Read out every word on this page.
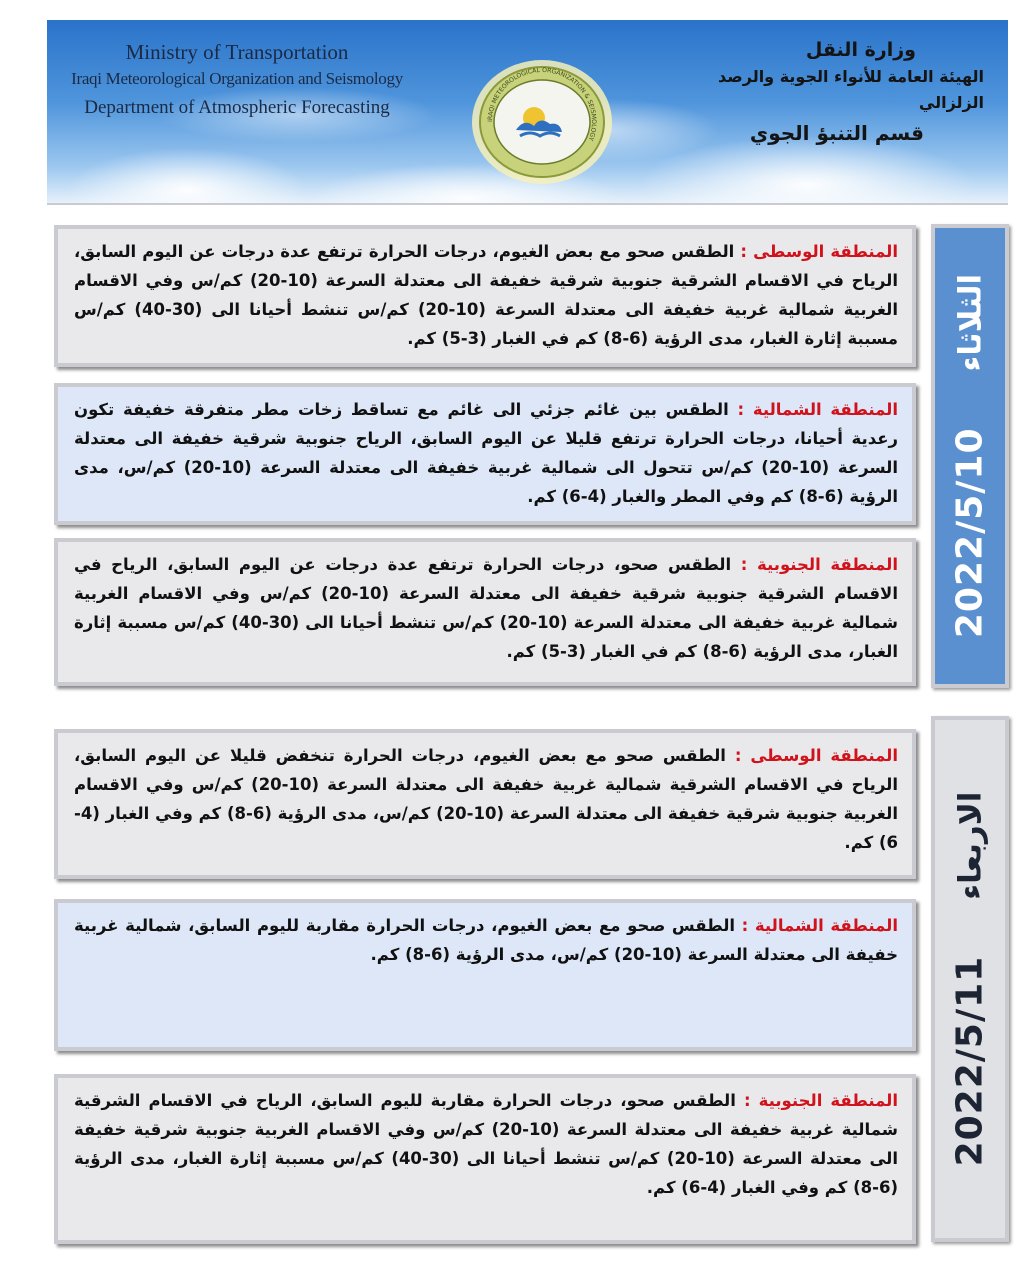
Ministry of Transportation
Iraqi Meteorological Organization and Seismology
Department of Atmospheric Forecasting
IRAQI METEOROLOGICAL ORGANIZATION & SEISMOLOGY
وزارة النقل
الهيئة العامة للأنواء الجوية والرصد الزلزالي
قسم التنبؤ الجوي
2022/5/10
الثلاثاء
المنطقة الوسطى : الطقس صحو مع بعض الغيوم، درجات الحرارة ترتفع عدة درجات عن اليوم السابق، الرياح في الاقسام الشرقية جنوبية شرقية خفيفة الى معتدلة السرعة (10-20) كم/س وفي الاقسام الغربية شمالية غربية خفيفة الى معتدلة السرعة (10-20) كم/س تنشط أحيانا الى (30-40) كم/س مسببة إثارة الغبار، مدى الرؤية (6-8) كم في الغبار (3-5) كم.
المنطقة الشمالية : الطقس بين غائم جزئي الى غائم مع تساقط زخات مطر متفرقة خفيفة تكون رعدية أحيانا، درجات الحرارة ترتفع قليلا عن اليوم السابق، الرياح جنوبية شرقية خفيفة الى معتدلة السرعة (10-20) كم/س تتحول الى شمالية غربية خفيفة الى معتدلة السرعة (10-20) كم/س، مدى الرؤية (6-8) كم وفي المطر والغبار (4-6) كم.
المنطقة الجنوبية : الطقس صحو، درجات الحرارة ترتفع عدة درجات عن اليوم السابق، الرياح في الاقسام الشرقية جنوبية شرقية خفيفة الى معتدلة السرعة (10-20) كم/س وفي الاقسام الغربية شمالية غربية خفيفة الى معتدلة السرعة (10-20) كم/س تنشط أحيانا الى (30-40) كم/س مسببة إثارة الغبار، مدى الرؤية (6-8) كم في الغبار (3-5) كم.
2022/5/11
الاربعاء
المنطقة الوسطى : الطقس صحو مع بعض الغيوم، درجات الحرارة تنخفض قليلا عن اليوم السابق، الرياح في الاقسام الشرقية شمالية غربية خفيفة الى معتدلة السرعة (10-20) كم/س وفي الاقسام الغربية جنوبية شرقية خفيفة الى معتدلة السرعة (10-20) كم/س، مدى الرؤية (6-8) كم وفي الغبار (4-6) كم.
المنطقة الشمالية : الطقس صحو مع بعض الغيوم، درجات الحرارة مقاربة لليوم السابق، شمالية غربية خفيفة الى معتدلة السرعة (10-20) كم/س، مدى الرؤية (6-8) كم.
المنطقة الجنوبية : الطقس صحو، درجات الحرارة مقاربة لليوم السابق، الرياح في الاقسام الشرقية شمالية غربية خفيفة الى معتدلة السرعة (10-20) كم/س وفي الاقسام الغربية جنوبية شرقية خفيفة الى معتدلة السرعة (10-20) كم/س تنشط أحيانا الى (30-40) كم/س مسببة إثارة الغبار، مدى الرؤية (6-8) كم وفي الغبار (4-6) كم.
